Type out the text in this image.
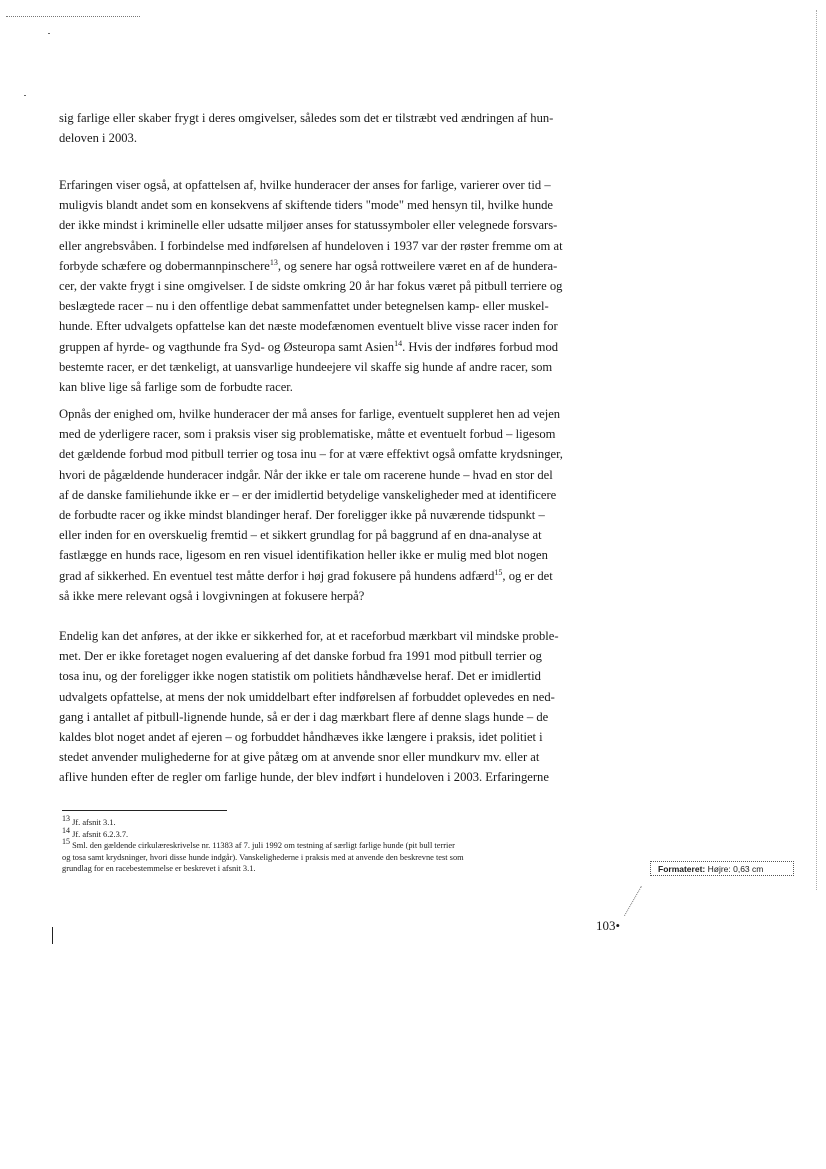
sig farlige eller skaber frygt i deres omgivelser, således som det er tilstræbt ved ændringen af hun-
deloven i 2003.
Erfaringen viser også, at opfattelsen af, hvilke hunderacer der anses for farlige, varierer over tid –
muligvis blandt andet som en konsekvens af skiftende tiders "mode" med hensyn til, hvilke hunde
der ikke mindst i kriminelle eller udsatte miljøer anses for statussymboler eller velegnede forsvars-
eller angrebsvåben. I forbindelse med indførelsen af hundeloven i 1937 var der røster fremme om at
forbyde schæfere og dobermannpinschere$^{13}$, og senere har også rottweilere været en af de hundera-
cer, der vakte frygt i sine omgivelser. I de sidste omkring 20 år har fokus været på pitbull terriere og
beslægtede racer – nu i den offentlige debat sammenfattet under betegnelsen kamp- eller muskel-
hunde. Efter udvalgets opfattelse kan det næste modefænomen eventuelt blive visse racer inden for
gruppen af hyrde- og vagthunde fra Syd- og Østeuropa samt Asien$^{14}$. Hvis der indføres forbud mod
bestemte racer, er det tænkeligt, at uansvarlige hundeejere vil skaffe sig hunde af andre racer, som
kan blive lige så farlige som de forbudte racer.
Opnås der enighed om, hvilke hunderacer der må anses for farlige, eventuelt suppleret hen ad vejen
med de yderligere racer, som i praksis viser sig problematiske, måtte et eventuelt forbud – ligesom
det gældende forbud mod pitbull terrier og tosa inu – for at være effektivt også omfatte krydsninger,
hvori de pågældende hunderacer indgår. Når der ikke er tale om racerene hunde – hvad en stor del
af de danske familiehunde ikke er – er der imidlertid betydelige vanskeligheder med at identificere
de forbudte racer og ikke mindst blandinger heraf. Der foreligger ikke på nuværende tidspunkt –
eller inden for en overskuelig fremtid – et sikkert grundlag for på baggrund af en dna-analyse at
fastlægge en hunds race, ligesom en ren visuel identifikation heller ikke er mulig med blot nogen
grad af sikkerhed. En eventuel test måtte derfor i høj grad fokusere på hundens adfærd$^{15}$, og er det
så ikke mere relevant også i lovgivningen at fokusere herpå?
Endelig kan det anføres, at der ikke er sikkerhed for, at et raceforbud mærkbart vil mindske proble-
met. Der er ikke foretaget nogen evaluering af det danske forbud fra 1991 mod pitbull terrier og
tosa inu, og der foreligger ikke nogen statistik om politiets håndhævelse heraf. Det er imidlertid
udvalgets opfattelse, at mens der nok umiddelbart efter indførelsen af forbuddet oplevedes en ned-
gang i antallet af pitbull-lignende hunde, så er der i dag mærkbart flere af denne slags hunde – de
kaldes blot noget andet af ejeren – og forbuddet håndhæves ikke længere i praksis, idet politiet i
stedet anvender mulighederne for at give påtæg om at anvende snor eller mundkurv mv. eller at
aflive hunden efter de regler om farlige hunde, der blev indført i hundeloven i 2003. Erfaringerne
$^{13}$ Jf. afsnit 3.1.
$^{14}$ Jf. afsnit 6.2.3.7.
$^{15}$ Sml. den gældende cirkulæreskrivelse nr. 11383 af 7. juli 1992 om testning af særligt farlige hunde (pit bull terrier
og tosa samt krydsninger, hvori disse hunde indgår). Vanskelighederne i praksis med at anvende den beskrevne test som
grundlag for en racebestemmelse er beskrevet i afsnit 3.1.
103•
Formateret: Højre: 0,63 cm
